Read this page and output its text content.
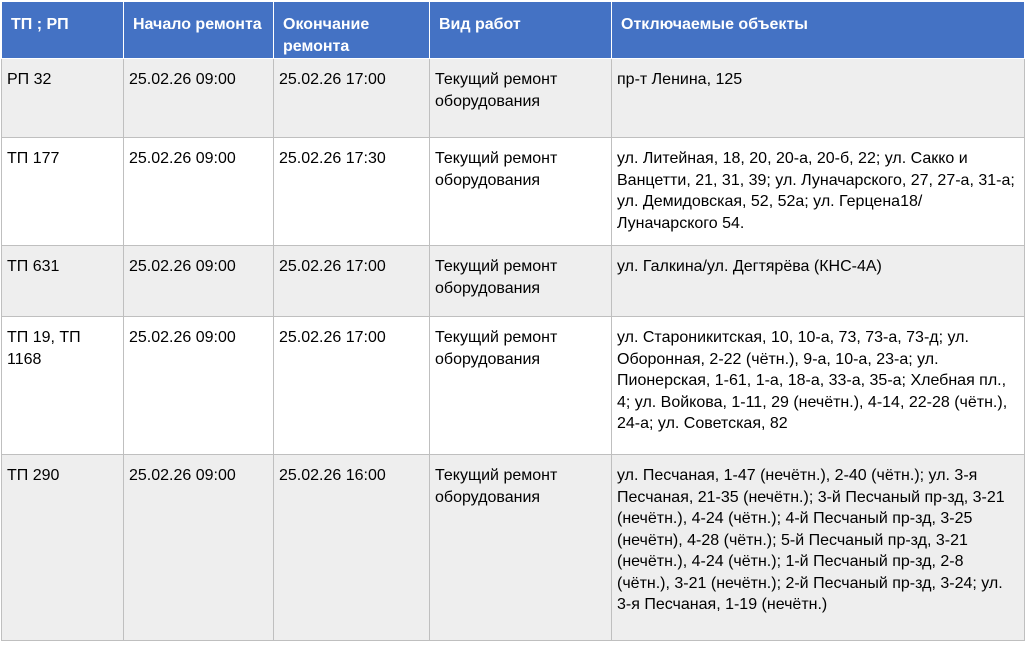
ТП ; РП	Начало ремонта	Окончание ремонта	Вид работ	Отключаемые объекты
РП 32	25.02.26 09:00	25.02.26 17:00	Текущий ремонт оборудования	пр-т Ленина, 125
ТП 177	25.02.26 09:00	25.02.26 17:30	Текущий ремонт оборудования	ул. Литейная, 18, 20, 20-а, 20-б, 22; ул. Сакко и Ванцетти, 21, 31, 39; ул. Луначарского, 27, 27-а, 31-а; ул. Демидовская, 52, 52а; ул. Герцена18/ Луначарского 54.
ТП 631	25.02.26 09:00	25.02.26 17:00	Текущий ремонт оборудования	ул. Галкина/ул. Дегтярёва (КНС-4А)
ТП 19, ТП 1168	25.02.26 09:00	25.02.26 17:00	Текущий ремонт оборудования	ул. Староникитская, 10, 10-а, 73, 73-а, 73-д; ул. Оборонная, 2-22 (чётн.), 9-а, 10-а, 23-а; ул. Пионерская, 1-61, 1-а, 18-а, 33-а, 35-а; Хлебная пл., 4; ул. Войкова, 1-11, 29 (нечётн.), 4-14, 22-28 (чётн.), 24-а; ул. Советская, 82
ТП 290	25.02.26 09:00	25.02.26 16:00	Текущий ремонт оборудования	ул. Песчаная, 1-47 (нечётн.), 2-40 (чётн.); ул. 3-я Песчаная, 21-35 (нечётн.); 3-й Песчаный пр-зд, 3-21 (нечётн.), 4-24 (чётн.); 4-й Песчаный пр-зд, 3-25 (нечётн), 4-28 (чётн.); 5-й Песчаный пр-зд, 3-21 (нечётн.), 4-24 (чётн.); 1-й Песчаный пр-зд, 2-8 (чётн.), 3-21 (нечётн.); 2-й Песчаный пр-зд, 3-24; ул. 3-я Песчаная, 1-19 (нечётн.)
